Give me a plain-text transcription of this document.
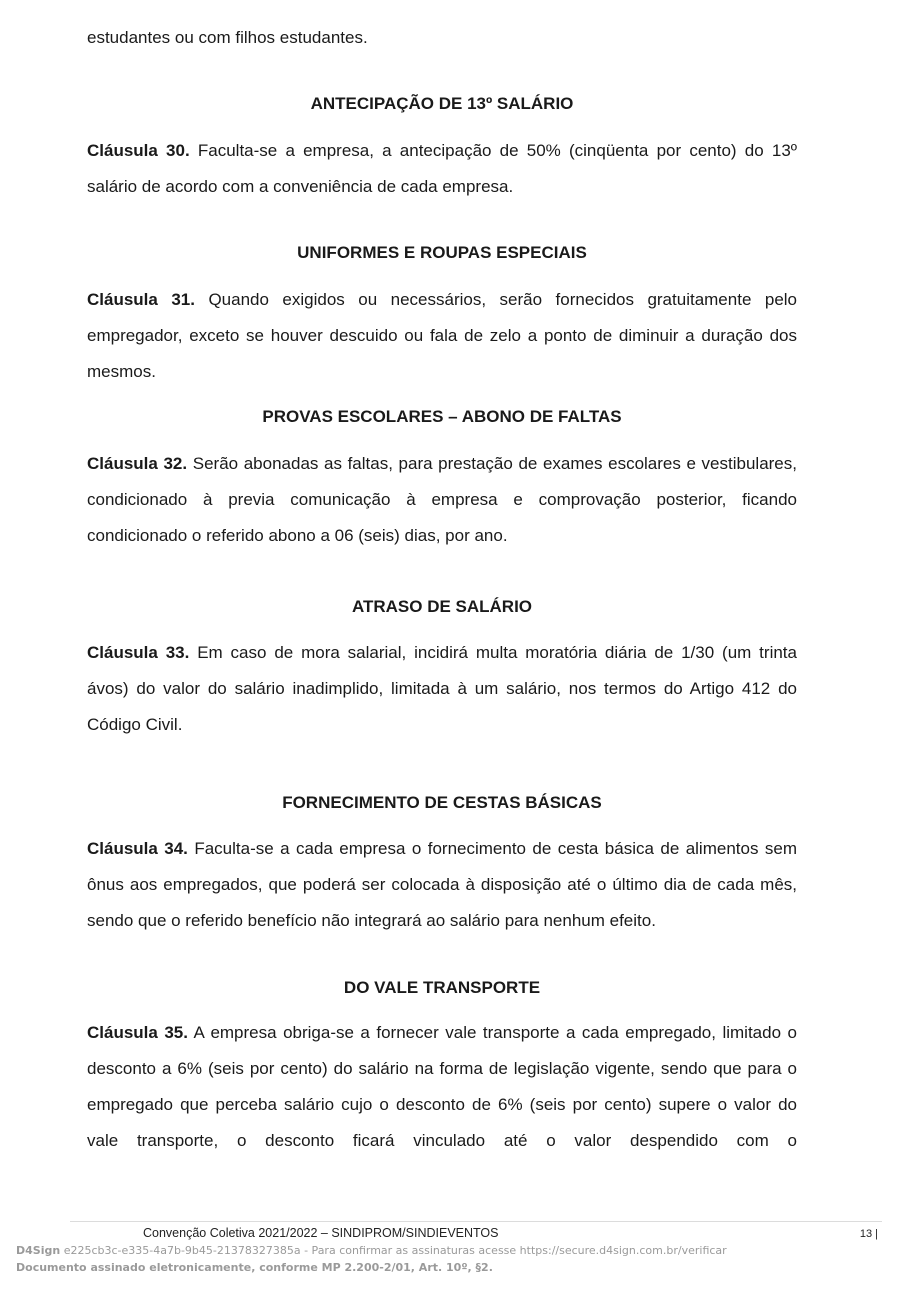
estudantes ou com filhos estudantes.

ANTECIPAÇÃO DE 13º SALÁRIO

Cláusula 30. Faculta-se a empresa, a antecipação de 50% (cinqüenta por cento) do 13º salário de acordo com a conveniência de cada empresa.

UNIFORMES E ROUPAS ESPECIAIS

Cláusula 31. Quando exigidos ou necessários, serão fornecidos gratuitamente pelo empregador, exceto se houver descuido ou fala de zelo a ponto de diminuir a duração dos mesmos.

PROVAS ESCOLARES – ABONO DE FALTAS

Cláusula 32. Serão abonadas as faltas, para prestação de exames escolares e vestibulares, condicionado à previa comunicação à empresa e comprovação posterior, ficando condicionado o referido abono a 06 (seis) dias, por ano.

ATRASO DE SALÁRIO

Cláusula 33. Em caso de mora salarial, incidirá multa moratória diária de 1/30 (um trinta ávos) do valor do salário inadimplido, limitada à um salário, nos termos do Artigo 412 do Código Civil.

FORNECIMENTO DE CESTAS BÁSICAS

Cláusula 34. Faculta-se a cada empresa o fornecimento de cesta básica de alimentos sem ônus aos empregados, que poderá ser colocada à disposição até o último dia de cada mês, sendo que o referido benefício não integrará ao salário para nenhum efeito.

DO VALE TRANSPORTE

Cláusula 35. A empresa obriga-se a fornecer vale transporte a cada empregado, limitado o desconto a 6% (seis por cento) do salário na forma de legislação vigente, sendo que para o empregado que perceba salário cujo o desconto de 6% (seis por cento) supere o valor do vale transporte, o desconto ficará vinculado até o valor despendido com o

Convenção Coletiva 2021/2022 – SINDIPROM/SINDIEVENTOS	13 |
D4Sign e225cb3c-e335-4a7b-9b45-21378327385a - Para confirmar as assinaturas acesse https://secure.d4sign.com.br/verificar
Documento assinado eletronicamente, conforme MP 2.200-2/01, Art. 10º, §2.
